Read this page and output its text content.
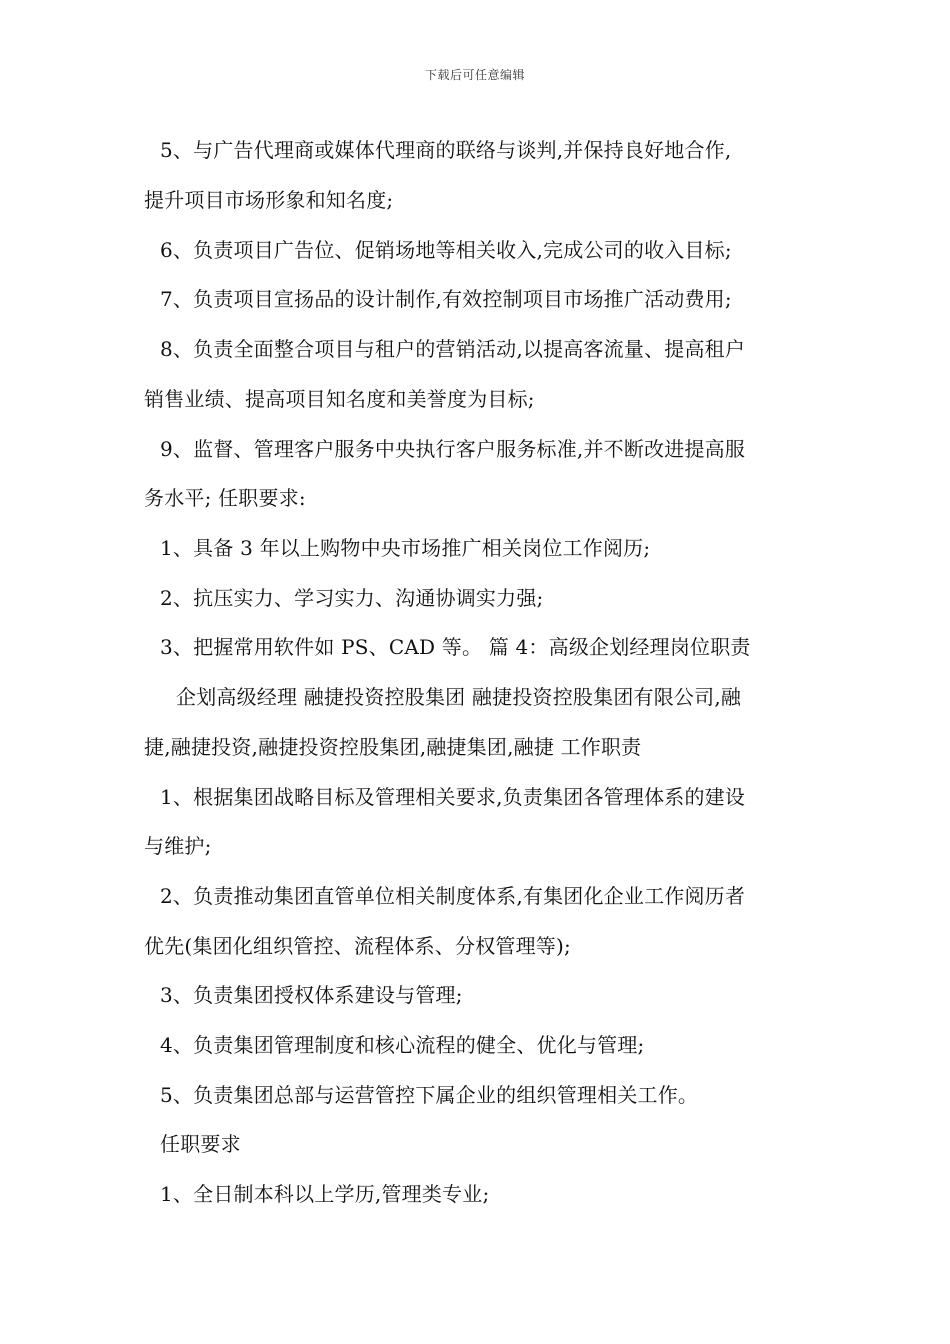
下载后可任意编辑
5、与广告代理商或媒体代理商的联络与谈判,并保持良好地合作,
提升项目市场形象和知名度;
6、负责项目广告位、促销场地等相关收入,完成公司的收入目标;
7、负责项目宣扬品的设计制作,有效控制项目市场推广活动费用;
8、负责全面整合项目与租户的营销活动,以提高客流量、提高租户
销售业绩、提高项目知名度和美誉度为目标;
9、监督、管理客户服务中央执行客户服务标准,并不断改进提高服
务水平; 任职要求:
1、具备 3 年以上购物中央市场推广相关岗位工作阅历;
2、抗压实力、学习实力、沟通协调实力强;
3、把握常用软件如 PS、CAD 等。 篇 4：高级企划经理岗位职责
企划高级经理 融捷投资控股集团 融捷投资控股集团有限公司,融
捷,融捷投资,融捷投资控股集团,融捷集团,融捷 工作职责
1、根据集团战略目标及管理相关要求,负责集团各管理体系的建设
与维护;
2、负责推动集团直管单位相关制度体系,有集团化企业工作阅历者
优先(集团化组织管控、流程体系、分权管理等);
3、负责集团授权体系建设与管理;
4、负责集团管理制度和核心流程的健全、优化与管理;
5、负责集团总部与运营管控下属企业的组织管理相关工作。
任职要求
1、全日制本科以上学历,管理类专业;
